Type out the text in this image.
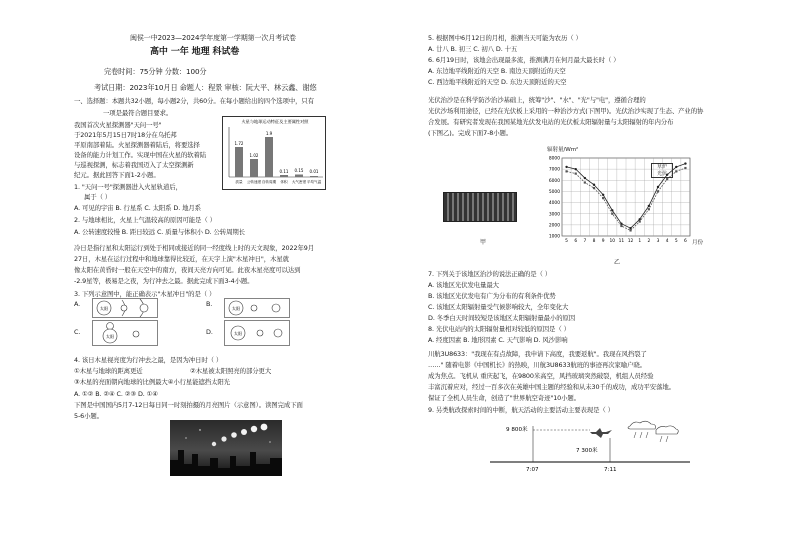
闽侯一中2023—2024学年度第一学期第一次月考试卷
高中 一年 地理 科试卷
完卷时间：75分钟 分数：100分
考试日期：2023年10月日 命题人：程景 审核：阮大平、林云鑫、谢悠
一、选择题：本题共32小题，每小题2分，共60分。在每小题给出的四个选项中，只有
一项是最符合题目要求。
我国首次火星探测器"天问一号"
于2021年5月15日7时18分在乌托邦
平原南部着陆。火星探测器着陆后，将要选择
设备的能力计划工作。实现中国在火星的软着陆
与巡视探测，标志着我国迈入了太空探测新
纪元。据此回答下面1-2小题。
火星与地球运动特征及主要属性对照
1.72
1.02
1.9
0.11 0.15 0.01
质量 公转速度 自转周期 体积 大气密度 平均气温
1. "天问一号"探测器进入火星轨道后，
属于（ ）
A. 可见的宇宙 B. 行星系 C. 太阳系 D. 地月系
2. 与地球相比，火星上气温较高的原因可能是（ ）
A. 公转速度较慢 B. 距日较远 C. 质量与体积小 D. 公转周期长
冷日是指行星和太阳运行到处于相同或接近的同一经度线上时的天文现象，2022年9月
27日，木星在运行过程中和地球靠得比较近，在天宇上演"木星冲日"，木星就
像太阳在黄昏时一般在天空中的南方，夜间天亮方向可见。此夜木星亮度可以达到
-2.9星等，极易是之夜，为行冲去之最。据此完成下面3-4小题。
3. 下列示意图中，能正确表示"木星冲日"的是（ ）
A.
太阳
B.
太阳
C.
太阳
D.	太阳
4. 该日木星视亮度为行冲去之最，是因为冲日时（ ）
①木星与地球的距离更近	②木星被太阳照亮的部分更大
③木星的亮面朝向地球的比例最大④小行星能遮挡太阳光
A. ①② B. ②④ C. ②③ D. ①④
下图是中国国内5月7-12日每日同一时刻拍摄的月亮图片（示意图）。读图完成下面
5-6小题。
5. 根据图中6月12日的月相，推测当天可能为农历（ ）
A. 廿八 B. 初三 C. 初八 D. 十五
6. 6月19日时，该地会出现最多流，推测满月在何月最大最长时（ ）
A. 东边地平线附近的天空 B. 南边天顶附近的天空
C. 西边地平线附近的天空 D. 东边天顶附近的天空
光伏治沙是在科学防沙治沙基础上，统筹"沙"、"水"、"光"与"电"，遵循合理的
光伏沙场利用途径，已经在光伏板上采用的一种治沙方式(下图甲)。光伏治沙实现了生态、产业的协
合发展。有研究者发现在我国某地光伏发电站的光伏板太阳辐射量与太阳辐射的年内分布
(下图乙)。完成下面7-8小题。
甲
辐射量/Wm²
1000
2000
3000
4000
5000
6000
7000
8000
5 6 7 8 9 10 11 12 1 2 3 4 5 6 月份
草炉
光伏
乙
7. 下列关于该地区治沙的说法正确的是（ ）
A. 该地区光伏发电量最大
B. 该地区光伏发电有广为分布的有利条件优势
C. 该地区太阳辐射量受气候影响较大，全年变化大
D. 冬季白天时间较短是该地区太阳辐射量最小的原因
8. 光伏电站内的太阳辐射量相对较低的原因是（ ）
A. 经度因素 B. 地形因素 C. 天气影响 D. 风沙影响
川航3U8633："我现在有点故障，我申请下高度，我要返航"。我现在风挡裂了
……" 随着电影《中国机长》的热映，川航3U8633航班的事迹再次家喻户晓。
成为焦点。飞机从 重庆起飞，在9800米高空，风挡玻璃突然破裂，机组人员经验
丰富沉着应对，经过一百多次在英雄中国主题的经验和从未30千的成功，成功平安落地。
保证了全机人员生命，创造了"世界航空奇迹"10小题。
9. 另类航改探索时间的中断，航天活动的主要活动主要表现是（ ）
9 800米
7 300米
7:07	7:11
